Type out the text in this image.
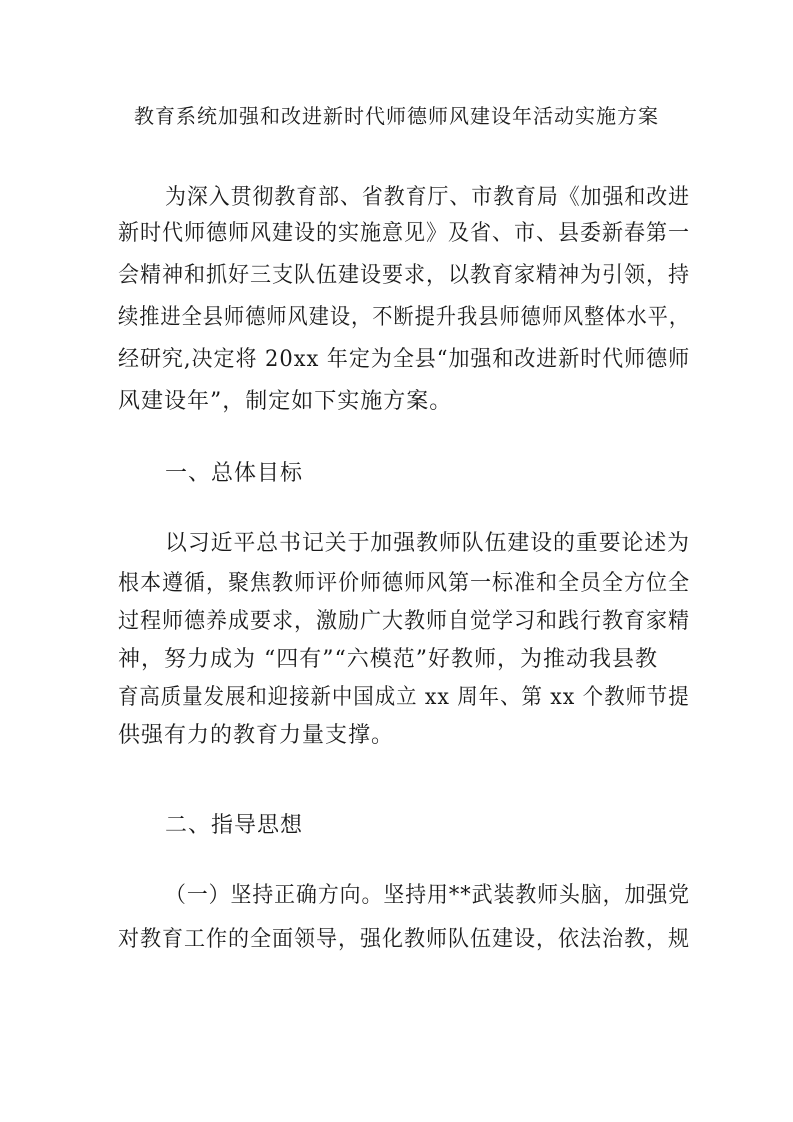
教育系统加强和改进新时代师德师风建设年活动实施方案
为深入贯彻教育部、省教育厅、市教育局《加强和改进
新时代师德师风建设的实施意见》及省、市、县委新春第一
会精神和抓好三支队伍建设要求，以教育家精神为引领，持
续推进全县师德师风建设，不断提升我县师德师风整体水平，
经研究,决定将 20xx 年定为全县“加强和改进新时代师德师
风建设年”，制定如下实施方案。
一、总体目标
以习近平总书记关于加强教师队伍建设的重要论述为
根本遵循，聚焦教师评价师德师风第一标准和全员全方位全
过程师德养成要求，激励广大教师自觉学习和践行教育家精
神，努力成为 “四有”“六模范”好教师，为推动我县教
育高质量发展和迎接新中国成立 xx 周年、第 xx 个教师节提
供强有力的教育力量支撑。
二、指导思想
（一）坚持正确方向。坚持用**武装教师头脑，加强党
对教育工作的全面领导，强化教师队伍建设，依法治教，规
